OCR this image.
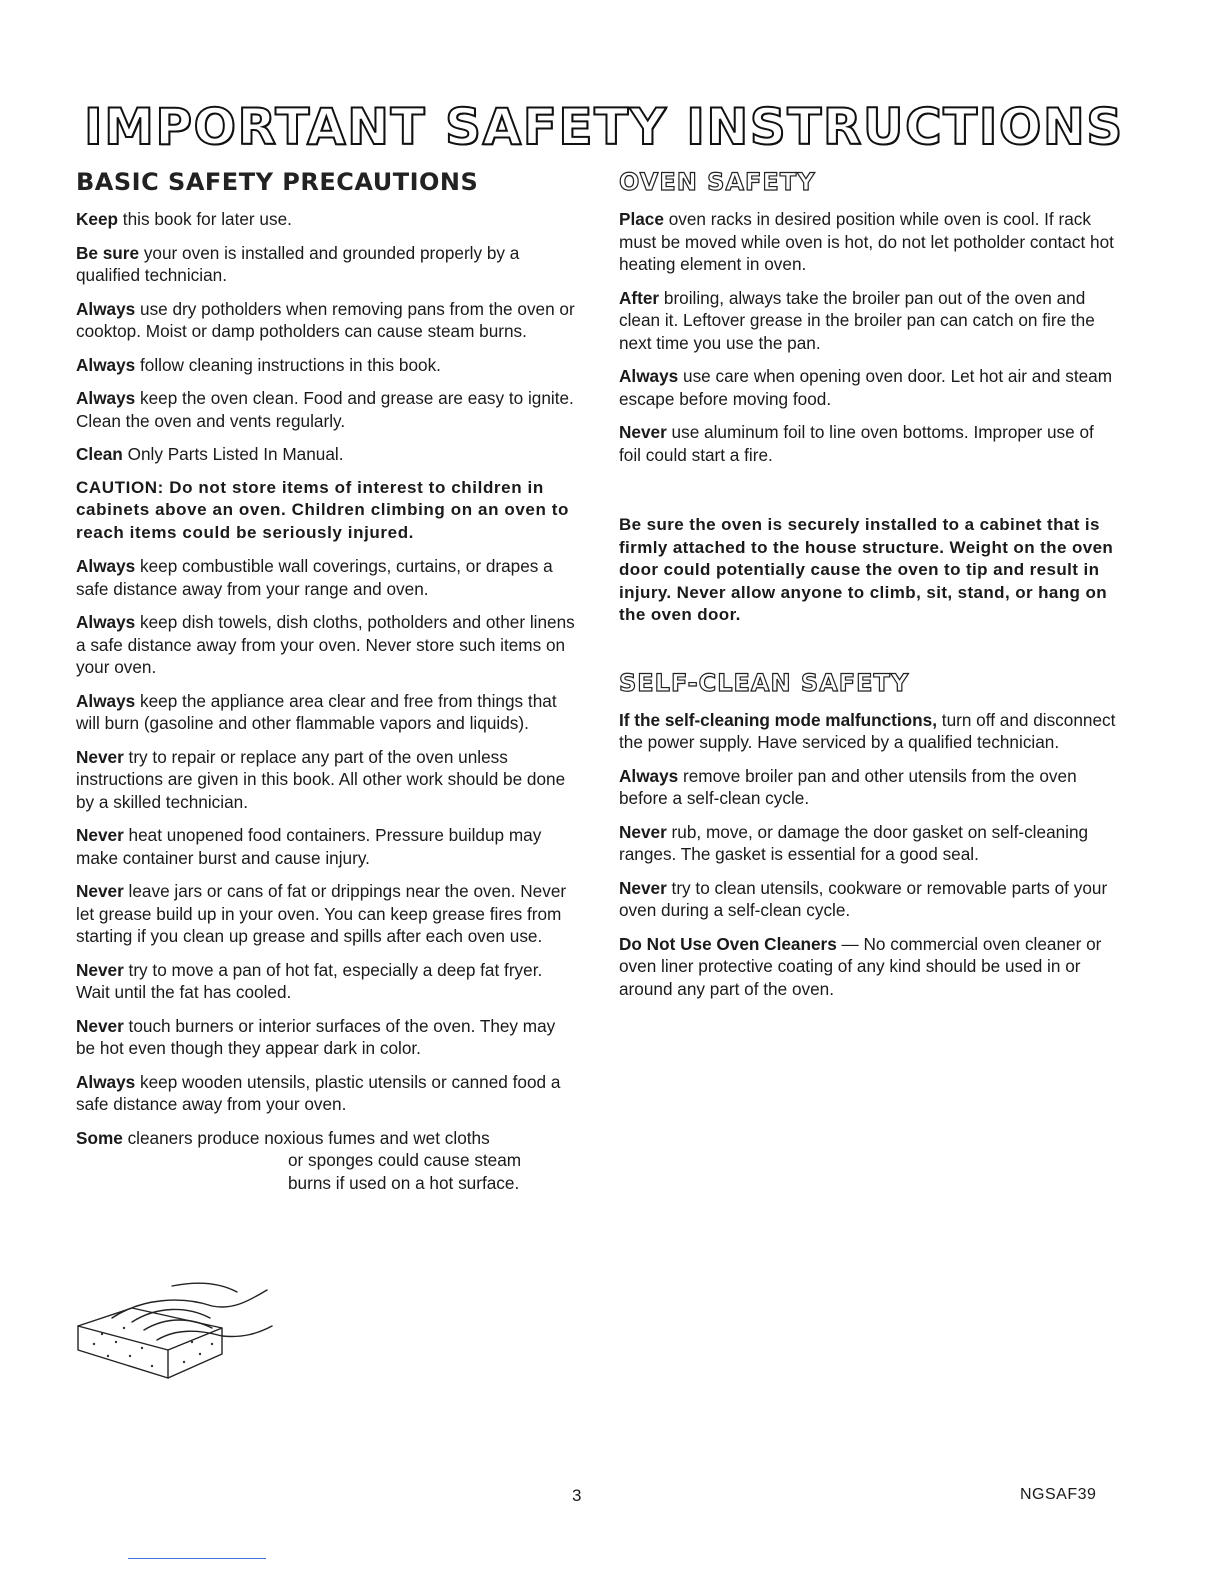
IMPORTANT SAFETY INSTRUCTIONS
BASIC SAFETY PRECAUTIONS

Keep this book for later use.

Be sure your oven is installed and grounded properly by a qualified technician.

Always use dry potholders when removing pans from the oven or cooktop. Moist or damp potholders can cause steam burns.

Always follow cleaning instructions in this book.

Always keep the oven clean. Food and grease are easy to ignite. Clean the oven and vents regularly.

Clean Only Parts Listed In Manual.

CAUTION: Do not store items of interest to children in cabinets above an oven. Children climbing on an oven to reach items could be seriously injured.

Always keep combustible wall coverings, curtains, or drapes a safe distance away from your range and oven.

Always keep dish towels, dish cloths, potholders and other linens a safe distance away from your oven. Never store such items on your oven.

Always keep the appliance area clear and free from things that will burn (gasoline and other flammable vapors and liquids).

Never try to repair or replace any part of the oven unless instructions are given in this book. All other work should be done by a skilled technician.

Never heat unopened food containers. Pressure buildup may make container burst and cause injury.

Never leave jars or cans of fat or drippings near the oven. Never let grease build up in your oven. You can keep grease fires from starting if you clean up grease and spills after each oven use.

Never try to move a pan of hot fat, especially a deep fat fryer. Wait until the fat has cooled.

Never touch burners or interior surfaces of the oven. They may be hot even though they appear dark in color.

Always keep wooden utensils, plastic utensils or canned food a safe distance away from your oven.

Some cleaners produce noxious fumes and wet cloths

or sponges could cause steam

burns if used on a hot surface.

OVEN SAFETY

Place oven racks in desired position while oven is cool. If rack must be moved while oven is hot, do not let potholder contact hot heating element in oven.

After broiling, always take the broiler pan out of the oven and clean it. Leftover grease in the broiler pan can catch on fire the next time you use the pan.

Always use care when opening oven door. Let hot air and steam escape before moving food.

Never use aluminum foil to line oven bottoms. Improper use of foil could start a fire.

Be sure the oven is securely installed to a cabinet that is firmly attached to the house structure. Weight on the oven door could potentially cause the oven to tip and result in injury. Never allow anyone to climb, sit, stand, or hang on the oven door.

SELF-CLEAN SAFETY

If the self-cleaning mode malfunctions, turn off and disconnect the power supply. Have serviced by a qualified technician.

Always remove broiler pan and other utensils from the oven before a self-clean cycle.

Never rub, move, or damage the door gasket on self-cleaning ranges. The gasket is essential for a good seal.

Never try to clean utensils, cookware or removable parts of your oven during a self-clean cycle.

Do Not Use Oven Cleaners — No commercial oven cleaner or oven liner protective coating of any kind should be used in or around any part of the oven.

3	NGSAF39
